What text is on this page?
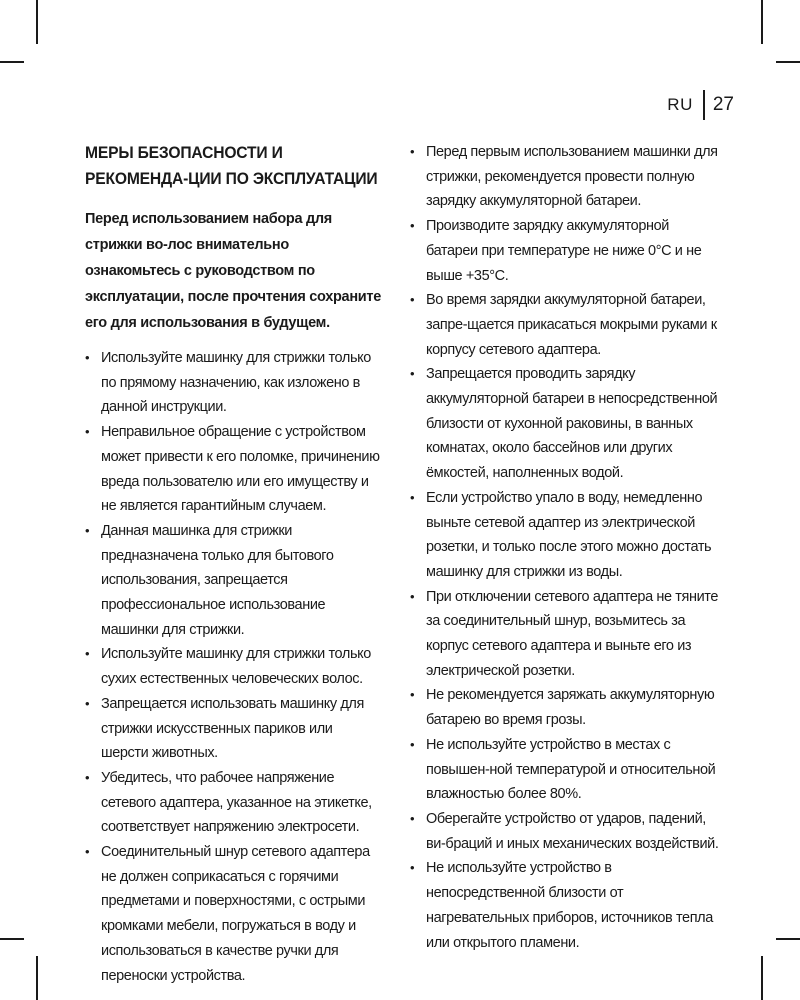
RU 27
МЕРЫ БЕЗОПАСНОСТИ И РЕКОМЕНДА-ЦИИ ПО ЭКСПЛУАТАЦИИ

Перед использованием набора для стрижки во-лос внимательно ознакомьтесь с руководством по эксплуатации, после прочтения сохраните его для использования в будущем.

• Используйте машинку для стрижки только по прямому назначению, как изложено в данной инструкции.
• Неправильное обращение с устройством может привести к его поломке, причинению вреда пользователю или его имуществу и не является гарантийным случаем.
• Данная машинка для стрижки предназначена только для бытового использования, запрещается профессиональное использование машинки для стрижки.
• Используйте машинку для стрижки только сухих естественных человеческих волос.
• Запрещается использовать машинку для стрижки искусственных париков или шерсти животных.
• Убедитесь, что рабочее напряжение сетевого адаптера, указанное на этикетке, соответствует напряжению электросети.
• Соединительный шнур сетевого адаптера не должен соприкасаться с горячими предметами и поверхностями, с острыми кромками мебели, погружаться в воду и использоваться в качестве ручки для переноски устройства.
• Перед первым использованием машинки для стрижки, рекомендуется провести полную зарядку аккумуляторной батареи.
• Производите зарядку аккумуляторной батареи при температуре не ниже 0°С и не выше +35°С.
• Во время зарядки аккумуляторной батареи, запре-щается прикасаться мокрыми руками к корпусу сетевого адаптера.
• Запрещается проводить зарядку аккумуляторной батареи в непосредственной близости от кухонной раковины, в ванных комнатах, около бассейнов или других ёмкостей, наполненных водой.
• Если устройство упало в воду, немедленно выньте сетевой адаптер из электрической розетки, и только после этого можно достать машинку для стрижки из воды.
• При отключении сетевого адаптера не тяните за соединительный шнур, возьмитесь за корпус сетевого адаптера и выньте его из электрической розетки.
• Не рекомендуется заряжать аккумуляторную батарею во время грозы.
• Не используйте устройство в местах с повышен-ной температурой и относительной влажностью более 80%.
• Оберегайте устройство от ударов, падений, ви-браций и иных механических воздействий.
• Не используйте устройство в непосредственной близости от нагревательных приборов, источников тепла или открытого пламени.
